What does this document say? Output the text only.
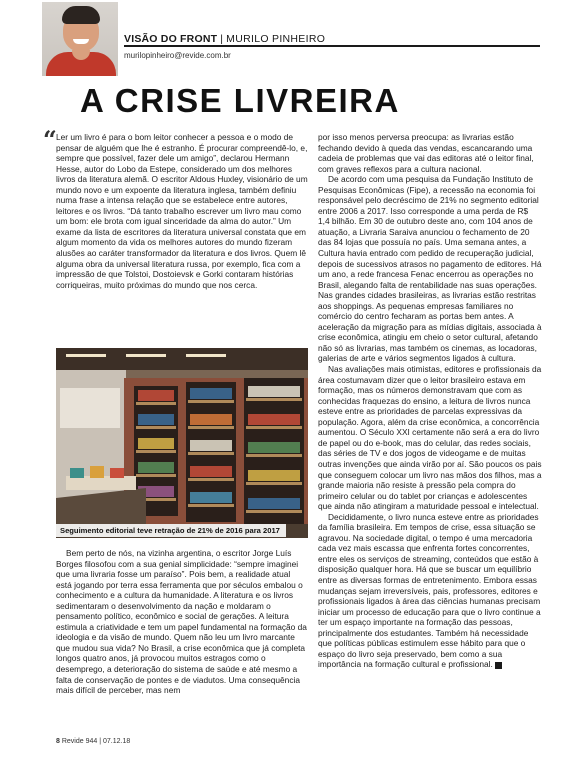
VISÃO DO FRONT | MURILO PINHEIRO
murilopinheiro@revide.com.br
A CRISE LIVREIRA
“ Ler um livro é para o bom leitor conhecer a pessoa e o modo de pensar de alguém que lhe é estranho. É procurar compreendê-lo, e, sempre que possível, fazer dele um amigo”, declarou Hermann Hesse, autor do Lobo da Estepe, considerado um dos melhores livros da literatura alemã. O escritor Aldous Huxley, visionário de um mundo novo e um expoente da literatura inglesa, também definiu numa frase a intensa relação que se estabelece entre autores, leitores e os livros. “Dá tanto trabalho escrever um livro mau como um bom: ele brota com igual sinceridade da alma do autor.” Um exame da lista de escritores da literatura universal constata que em algum momento da vida os melhores autores do mundo fizeram alusões ao caráter transformador da literatura e dos livros. Quem lê alguma obra da universal literatura russa, por exemplo, fica com a impressão de que Tolstoi, Dostoievsk e Gorki contaram histórias corriqueiras, muito próximas do mundo que nos cerca.

Seguimento editorial teve retração de 21% de 2016 para 2017

Bem perto de nós, na vizinha argentina, o escritor Jorge Luís Borges filosofou com a sua genial simplicidade: “sempre imaginei que uma livraria fosse um paraíso”. Pois bem, a realidade atual está jogando por terra essa ferramenta que por séculos embalou o conhecimento e a cultura da humanidade. A literatura e os livros sedimentaram o desenvolvimento da nação e moldaram o pensamento político, econômico e social de gerações. A leitura estimula a criatividade e tem um papel fundamental na formação da ideologia e da visão de mundo. Quem não leu um livro marcante que mudou sua vida? No Brasil, a crise econômica que já completa longos quatro anos, já provocou muitos estragos como o desemprego, a deterioração do sistema de saúde e até mesmo a falta de conservação de pontes e de viadutos. Uma consequência mais difícil de perceber, mas nem

por isso menos perversa preocupa: as livrarias estão fechando devido à queda das vendas, escancarando uma cadeia de problemas que vai das editoras até o leitor final, com graves reflexos para a cultura nacional.

De acordo com uma pesquisa da Fundação Instituto de Pesquisas Econômicas (Fipe), a recessão na economia foi responsável pelo decréscimo de 21% no segmento editorial entre 2006 a 2017. Isso corresponde a uma perda de R$ 1,4 bilhão. Em 30 de outubro deste ano, com 104 anos de atuação, a Livraria Saraiva anunciou o fechamento de 20 das 84 lojas que possuía no país. Uma semana antes, a Cultura havia entrado com pedido de recuperação judicial, depois de sucessivos atrasos no pagamento de editores. Há um ano, a rede francesa Fenac encerrou as operações no Brasil, alegando falta de rentabilidade nas suas operações. Nas grandes cidades brasileiras, as livrarias estão restritas aos shoppings. As pequenas empresas familiares no comércio do centro fecharam as portas bem antes. A aceleração da migração para as mídias digitais, associada à crise econômica, atingiu em cheio o setor cultural, afetando não só as livrarias, mas também os cinemas, as locadoras, galerias de arte e vários segmentos ligados à cultura.

Nas avaliações mais otimistas, editores e profissionais da área costumavam dizer que o leitor brasileiro estava em formação, mas os números demonstravam que com as conhecidas fraquezas do ensino, a leitura de livros nunca esteve entre as prioridades de parcelas expressivas da população. Agora, além da crise econômica, a concorrência aumentou. O Século XXI certamente não será a era do livro de papel ou do e-book, mas do celular, das redes sociais, das séries de TV e dos jogos de videogame e de muitas outras invenções que ainda virão por aí. São poucos os pais que conseguem colocar um livro nas mãos dos filhos, mas a grande maioria não resiste à pressão pela compra do primeiro celular ou do tablet por crianças e adolescentes que ainda não atingiram a maturidade pessoal e intelectual.

Decididamente, o livro nunca esteve entre as prioridades da família brasileira. Em tempos de crise, essa situação se agravou. Na sociedade digital, o tempo é uma mercadoria cada vez mais escassa que enfrenta fortes concorrentes, entre eles os serviços de streaming, conteúdos que estão à disposição qualquer hora. Há que se buscar um equilíbrio entre as diversas formas de entretenimento. Embora essas mudanças sejam irreversíveis, pais, professores, editores e profissionais ligados à área das ciências humanas precisam iniciar um processo de educação para que o livro continue a ter um espaço importante na formação das pessoas, principalmente dos estudantes. Também há necessidade que políticas públicas estimulem esse hábito para que o espaço do livro seja preservado, bem como a sua importância na formação cultural e profissional.

8 Revide 944 | 07.12.18
